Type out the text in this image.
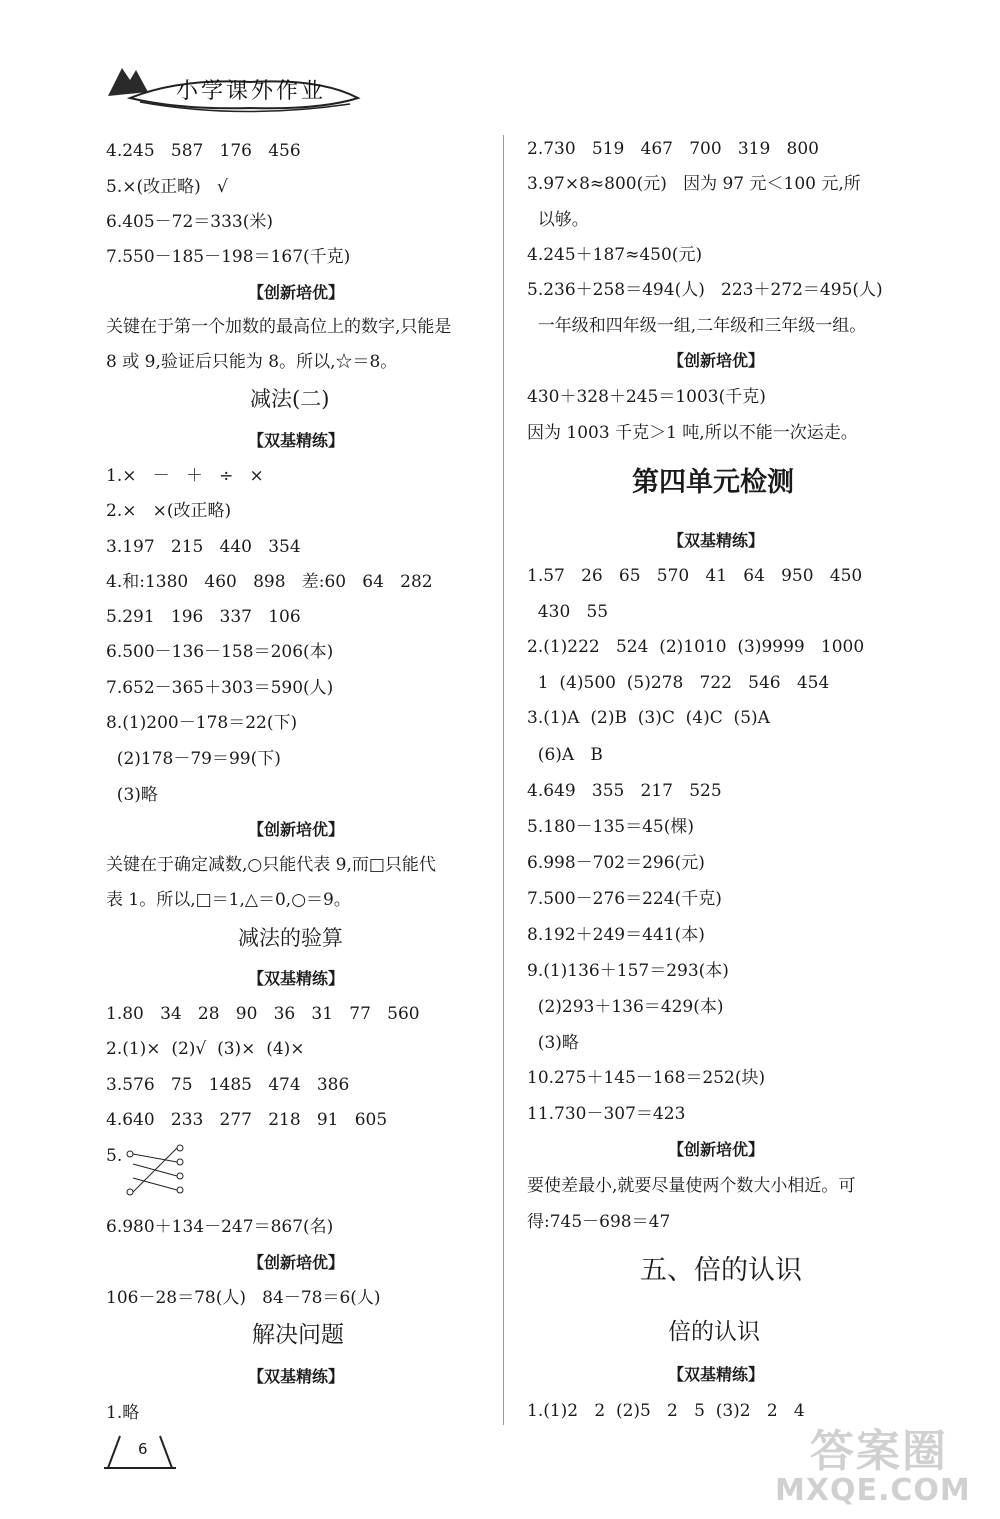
小学课外作业
4.245   587   176   456
5.×(改正略)   √
6.405－72＝333(米)
7.550－185－198＝167(千克)
【创新培优】
关键在于第一个加数的最高位上的数字,只能是
8 或 9,验证后只能为 8。所以,☆＝8。
减法(二)
【双基精练】
1.×   －   ＋   ÷   ×
2.×   ×(改正略)
3.197   215   440   354
4.和:1380   460   898   差:60   64   282
5.291   196   337   106
6.500－136－158＝206(本)
7.652－365＋303＝590(人)
8.(1)200－178＝22(下)
(2)178－79＝99(下)
(3)略
【创新培优】
关键在于确定减数,○只能代表 9,而□只能代
表 1。所以,□＝1,△＝0,○＝9。
减法的验算
【双基精练】
1.80   34   28   90   36   31   77   560
2.(1)×  (2)√  (3)×  (4)×
3.576   75   1485   474   386
4.640   233   277   218   91   605
5.
6.980＋134－247＝867(名)
【创新培优】
106－28＝78(人)   84－78＝6(人)
解决问题
【双基精练】
1.略
2.730   519   467   700   319   800
3.97×8≈800(元)   因为 97 元＜100 元,所
以够。
4.245＋187≈450(元)
5.236＋258＝494(人)   223＋272＝495(人)
一年级和四年级一组,二年级和三年级一组。
【创新培优】
430＋328＋245＝1003(千克)
因为 1003 千克＞1 吨,所以不能一次运走。
第四单元检测
【双基精练】
1.57   26   65   570   41   64   950   450
430   55
2.(1)222   524  (2)1010  (3)9999   1000
1  (4)500  (5)278   722   546   454
3.(1)A  (2)B  (3)C  (4)C  (5)A
(6)A   B
4.649   355   217   525
5.180－135＝45(棵)
6.998－702＝296(元)
7.500－276＝224(千克)
8.192＋249＝441(本)
9.(1)136＋157＝293(本)
(2)293＋136＝429(本)
(3)略
10.275＋145－168＝252(块)
11.730－307＝423
【创新培优】
要使差最小,就要尽量使两个数大小相近。可
得:745－698＝47
五、倍的认识
倍的认识
【双基精练】
1.(1)2   2  (2)5   2   5  (3)2   2   4
6	答案圈
MXQE.COM
